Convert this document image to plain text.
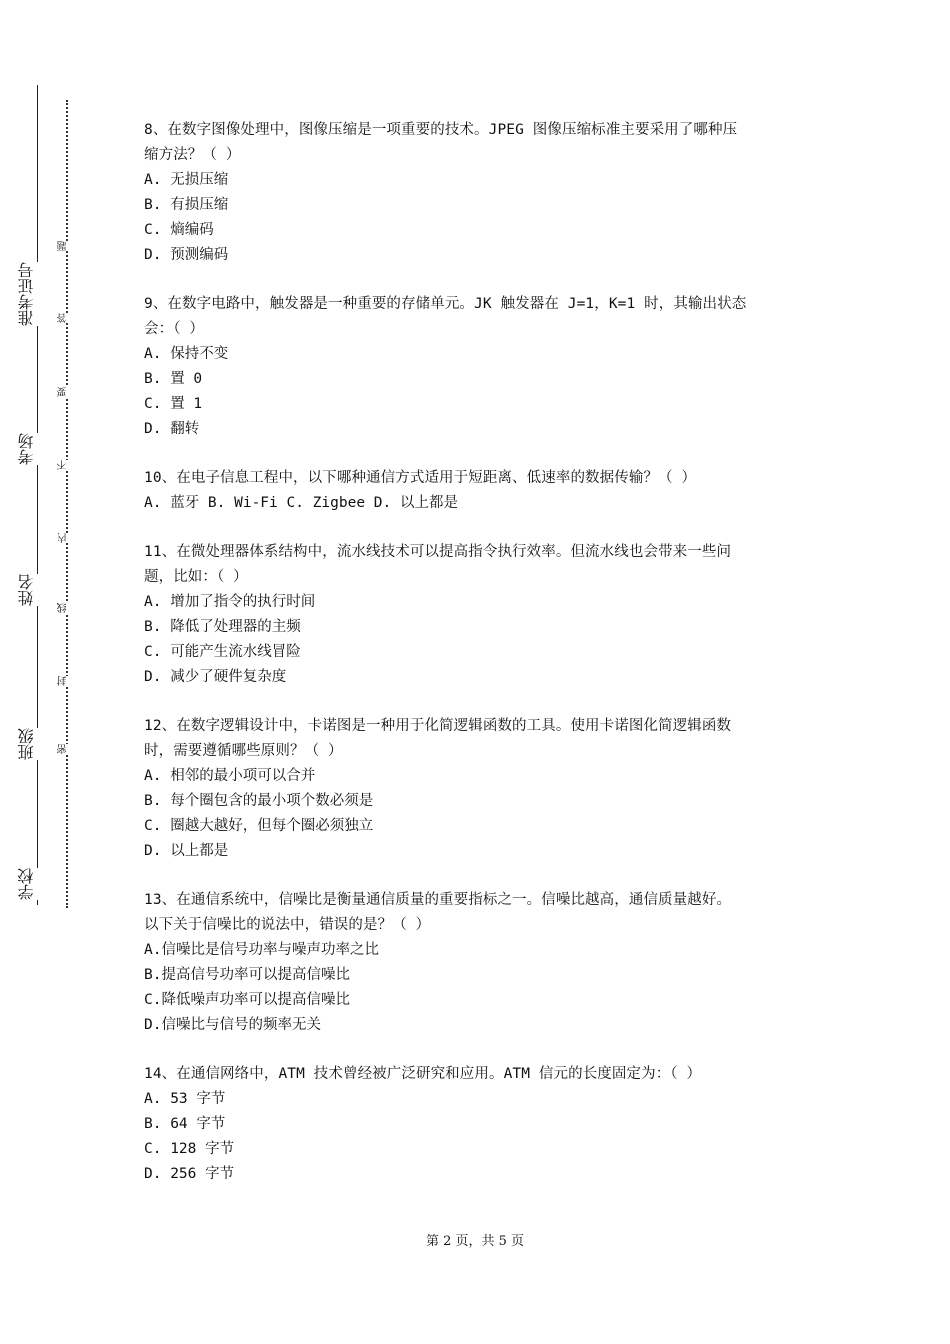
学校
班级
姓名
考场
准考证号
密
封
线
内
不
要
答
题

8、在数字图像处理中，图像压缩是一项重要的技术。JPEG 图像压缩标准主要采用了哪种压

缩方法？（ ）

A. 无损压缩

B. 有损压缩

C. 熵编码

D. 预测编码

9、在数字电路中，触发器是一种重要的存储单元。JK 触发器在 J=1，K=1 时，其输出状态

会：（ ）

A. 保持不变

B. 置 0

C. 置 1

D. 翻转

10、在电子信息工程中，以下哪种通信方式适用于短距离、低速率的数据传输？（ ）

A. 蓝牙 B. Wi-Fi C. Zigbee D. 以上都是

11、在微处理器体系结构中，流水线技术可以提高指令执行效率。但流水线也会带来一些问

题，比如：（ ）

A. 增加了指令的执行时间

B. 降低了处理器的主频

C. 可能产生流水线冒险

D. 减少了硬件复杂度

12、在数字逻辑设计中，卡诺图是一种用于化简逻辑函数的工具。使用卡诺图化简逻辑函数

时，需要遵循哪些原则？（ ）

A. 相邻的最小项可以合并

B. 每个圈包含的最小项个数必须是

C. 圈越大越好，但每个圈必须独立

D. 以上都是

13、在通信系统中，信噪比是衡量通信质量的重要指标之一。信噪比越高，通信质量越好。

以下关于信噪比的说法中，错误的是？（ ）

A.信噪比是信号功率与噪声功率之比

B.提高信号功率可以提高信噪比

C.降低噪声功率可以提高信噪比

D.信噪比与信号的频率无关

14、在通信网络中，ATM 技术曾经被广泛研究和应用。ATM 信元的长度固定为：（ ）

A. 53 字节

B. 64 字节

C. 128 字节

D. 256 字节

第 2 页，共 5 页
